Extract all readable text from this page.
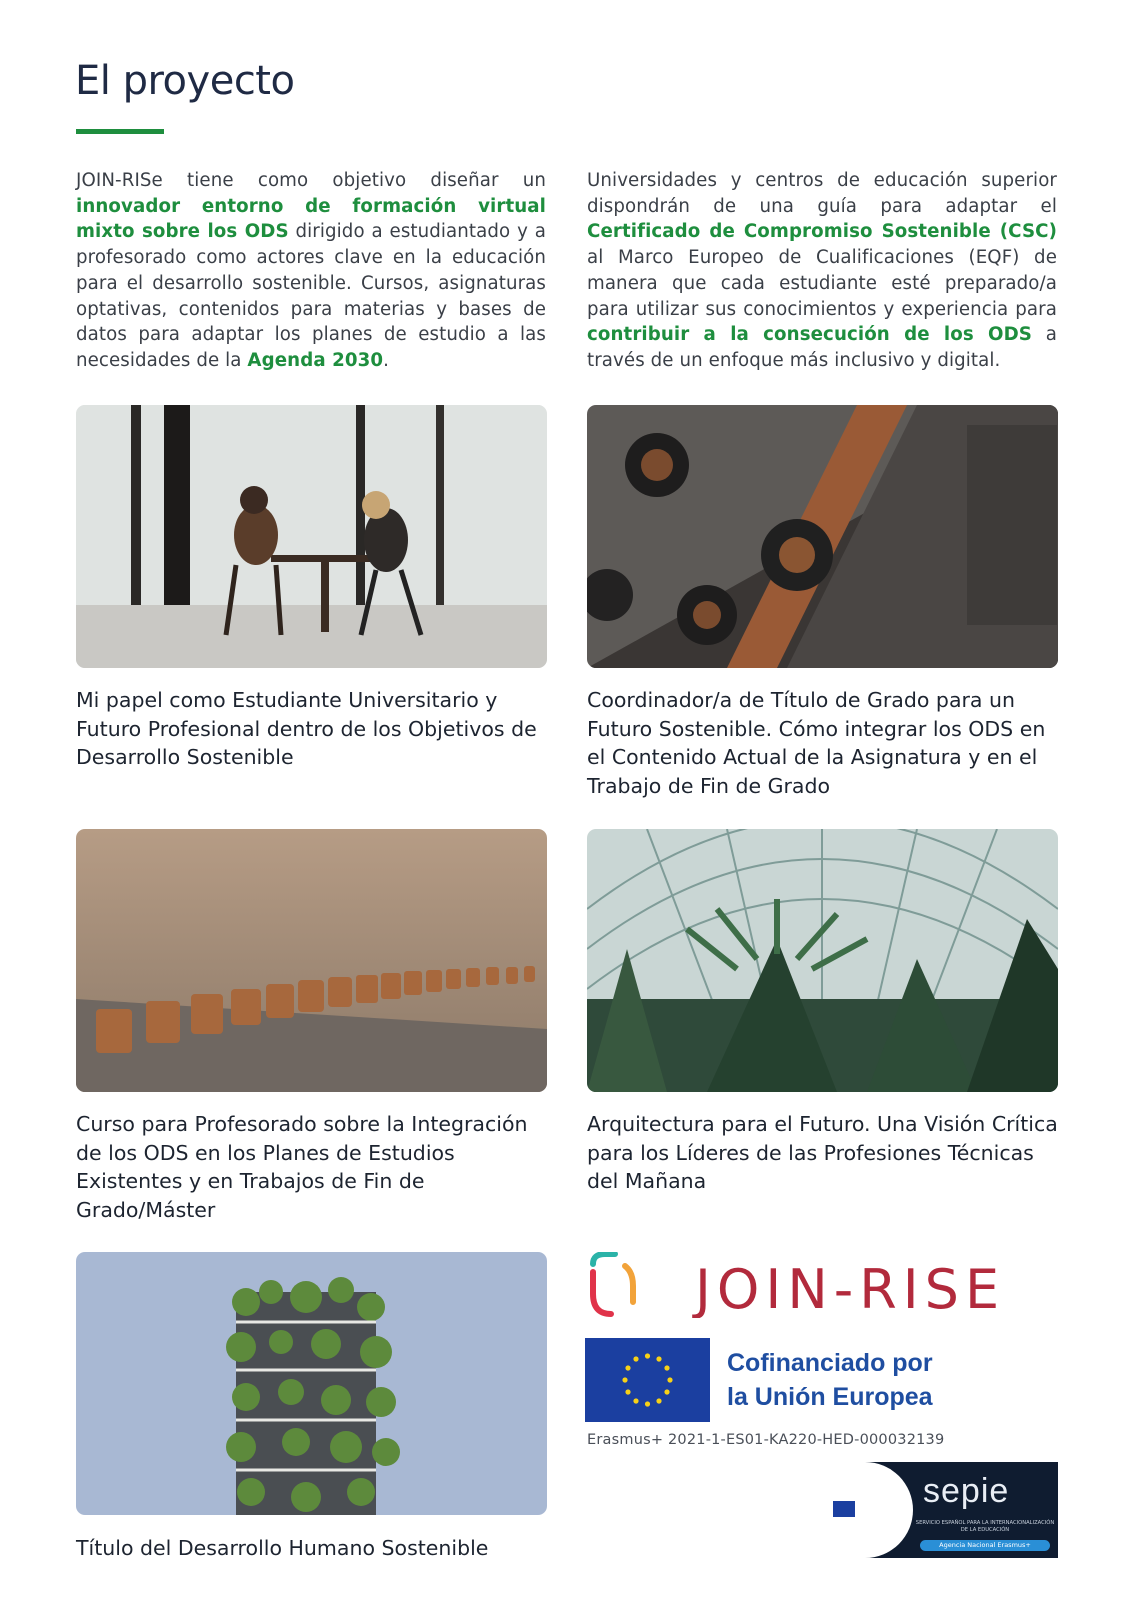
El proyecto

JOIN-RISe tiene como objetivo diseñar un innovador entorno de formación virtual mixto sobre los ODS dirigido a estudiantado y a profesorado como actores clave en la educación para el desarrollo sostenible. Cursos, asignaturas optativas, contenidos para materias y bases de datos para adaptar los planes de estudio a las necesidades de la Agenda 2030.

Universidades y centros de educación superior dispondrán de una guía para adaptar el Certificado de Compromiso Sostenible (CSC) al Marco Europeo de Cualificaciones (EQF) de manera que cada estudiante esté preparado/a para utilizar sus conocimientos y experiencia para contribuir a la consecución de los ODS a través de un enfoque más inclusivo y digital.

Mi papel como Estudiante Universitario y Futuro Profesional dentro de los Objetivos de Desarrollo Sostenible
Coordinador/a de Título de Grado para un Futuro Sostenible. Cómo integrar los ODS en el Contenido Actual de la Asignatura y en el Trabajo de Fin de Grado
Curso para Profesorado sobre la Integración de los ODS en los Planes de Estudios Existentes y en Trabajos de Fin de Grado/Máster
Arquitectura para el Futuro. Una Visión Crítica para los Líderes de las Profesiones Técnicas del Mañana
Título del Desarrollo Humano Sostenible
JOIN-RISE
Cofinanciado por
la Unión Europea
Erasmus+ 2021-1-ES01-KA220-HED-000032139
sepie
SERVICIO ESPAÑOL PARA LA INTERNACIONALIZACIÓN DE LA EDUCACIÓN
Agencia Nacional Erasmus+
